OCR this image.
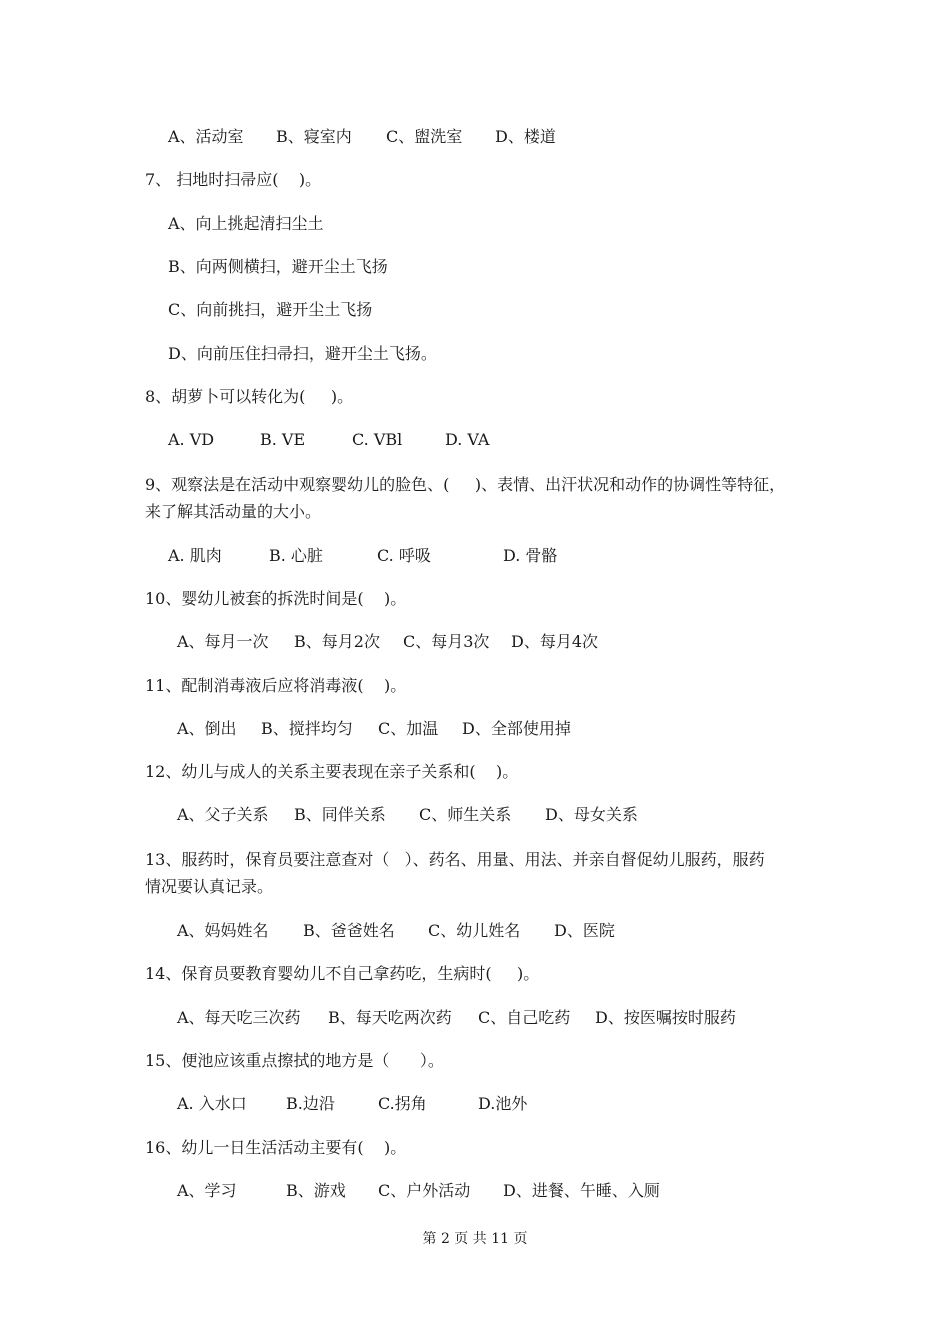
A、活动室 B、寝室内 C、盥洗室 D、楼道
7、 扫地时扫帚应(    )。
A、向上挑起清扫尘土
B、向两侧横扫，避开尘土飞扬
C、向前挑扫，避开尘土飞扬
D、向前压住扫帚扫，避开尘土飞扬。
8、胡萝卜可以转化为(     )。
A. VD	B. VE	C. VBl	D. VA
9、观察法是在活动中观察婴幼儿的脸色、(     )、表情、出汗状况和动作的协调性等特征，
来了解其活动量的大小。
A. 肌肉	B. 心脏	C. 呼吸	D. 骨骼
10、婴幼儿被套的拆洗时间是(    )。
A、每月一次 B、每月2次 C、每月3次 D、每月4次
11、配制消毒液后应将消毒液(    )。
A、倒出 B、搅拌均匀 C、加温 D、全部使用掉
12、幼儿与成人的关系主要表现在亲子关系和(    )。
A、父子关系 B、同伴关系 C、师生关系 D、母女关系
13、服药时，保育员要注意查对（   ）、药名、用量、用法、并亲自督促幼儿服药，服药
情况要认真记录。
A、妈妈姓名 B、爸爸姓名 C、幼儿姓名 D、医院
14、保育员要教育婴幼儿不自己拿药吃，生病时(     )。
A、每天吃三次药 B、每天吃两次药 C、自己吃药 D、按医嘱按时服药
15、便池应该重点擦拭的地方是（      ）。
A. 入水口 B.边沿	C.拐角	D.池外
16、幼儿一日生活活动主要有(    )。
A、学习	B、游戏 C、户外活动 D、进餐、午睡、入厕
第 2 页 共 11 页
